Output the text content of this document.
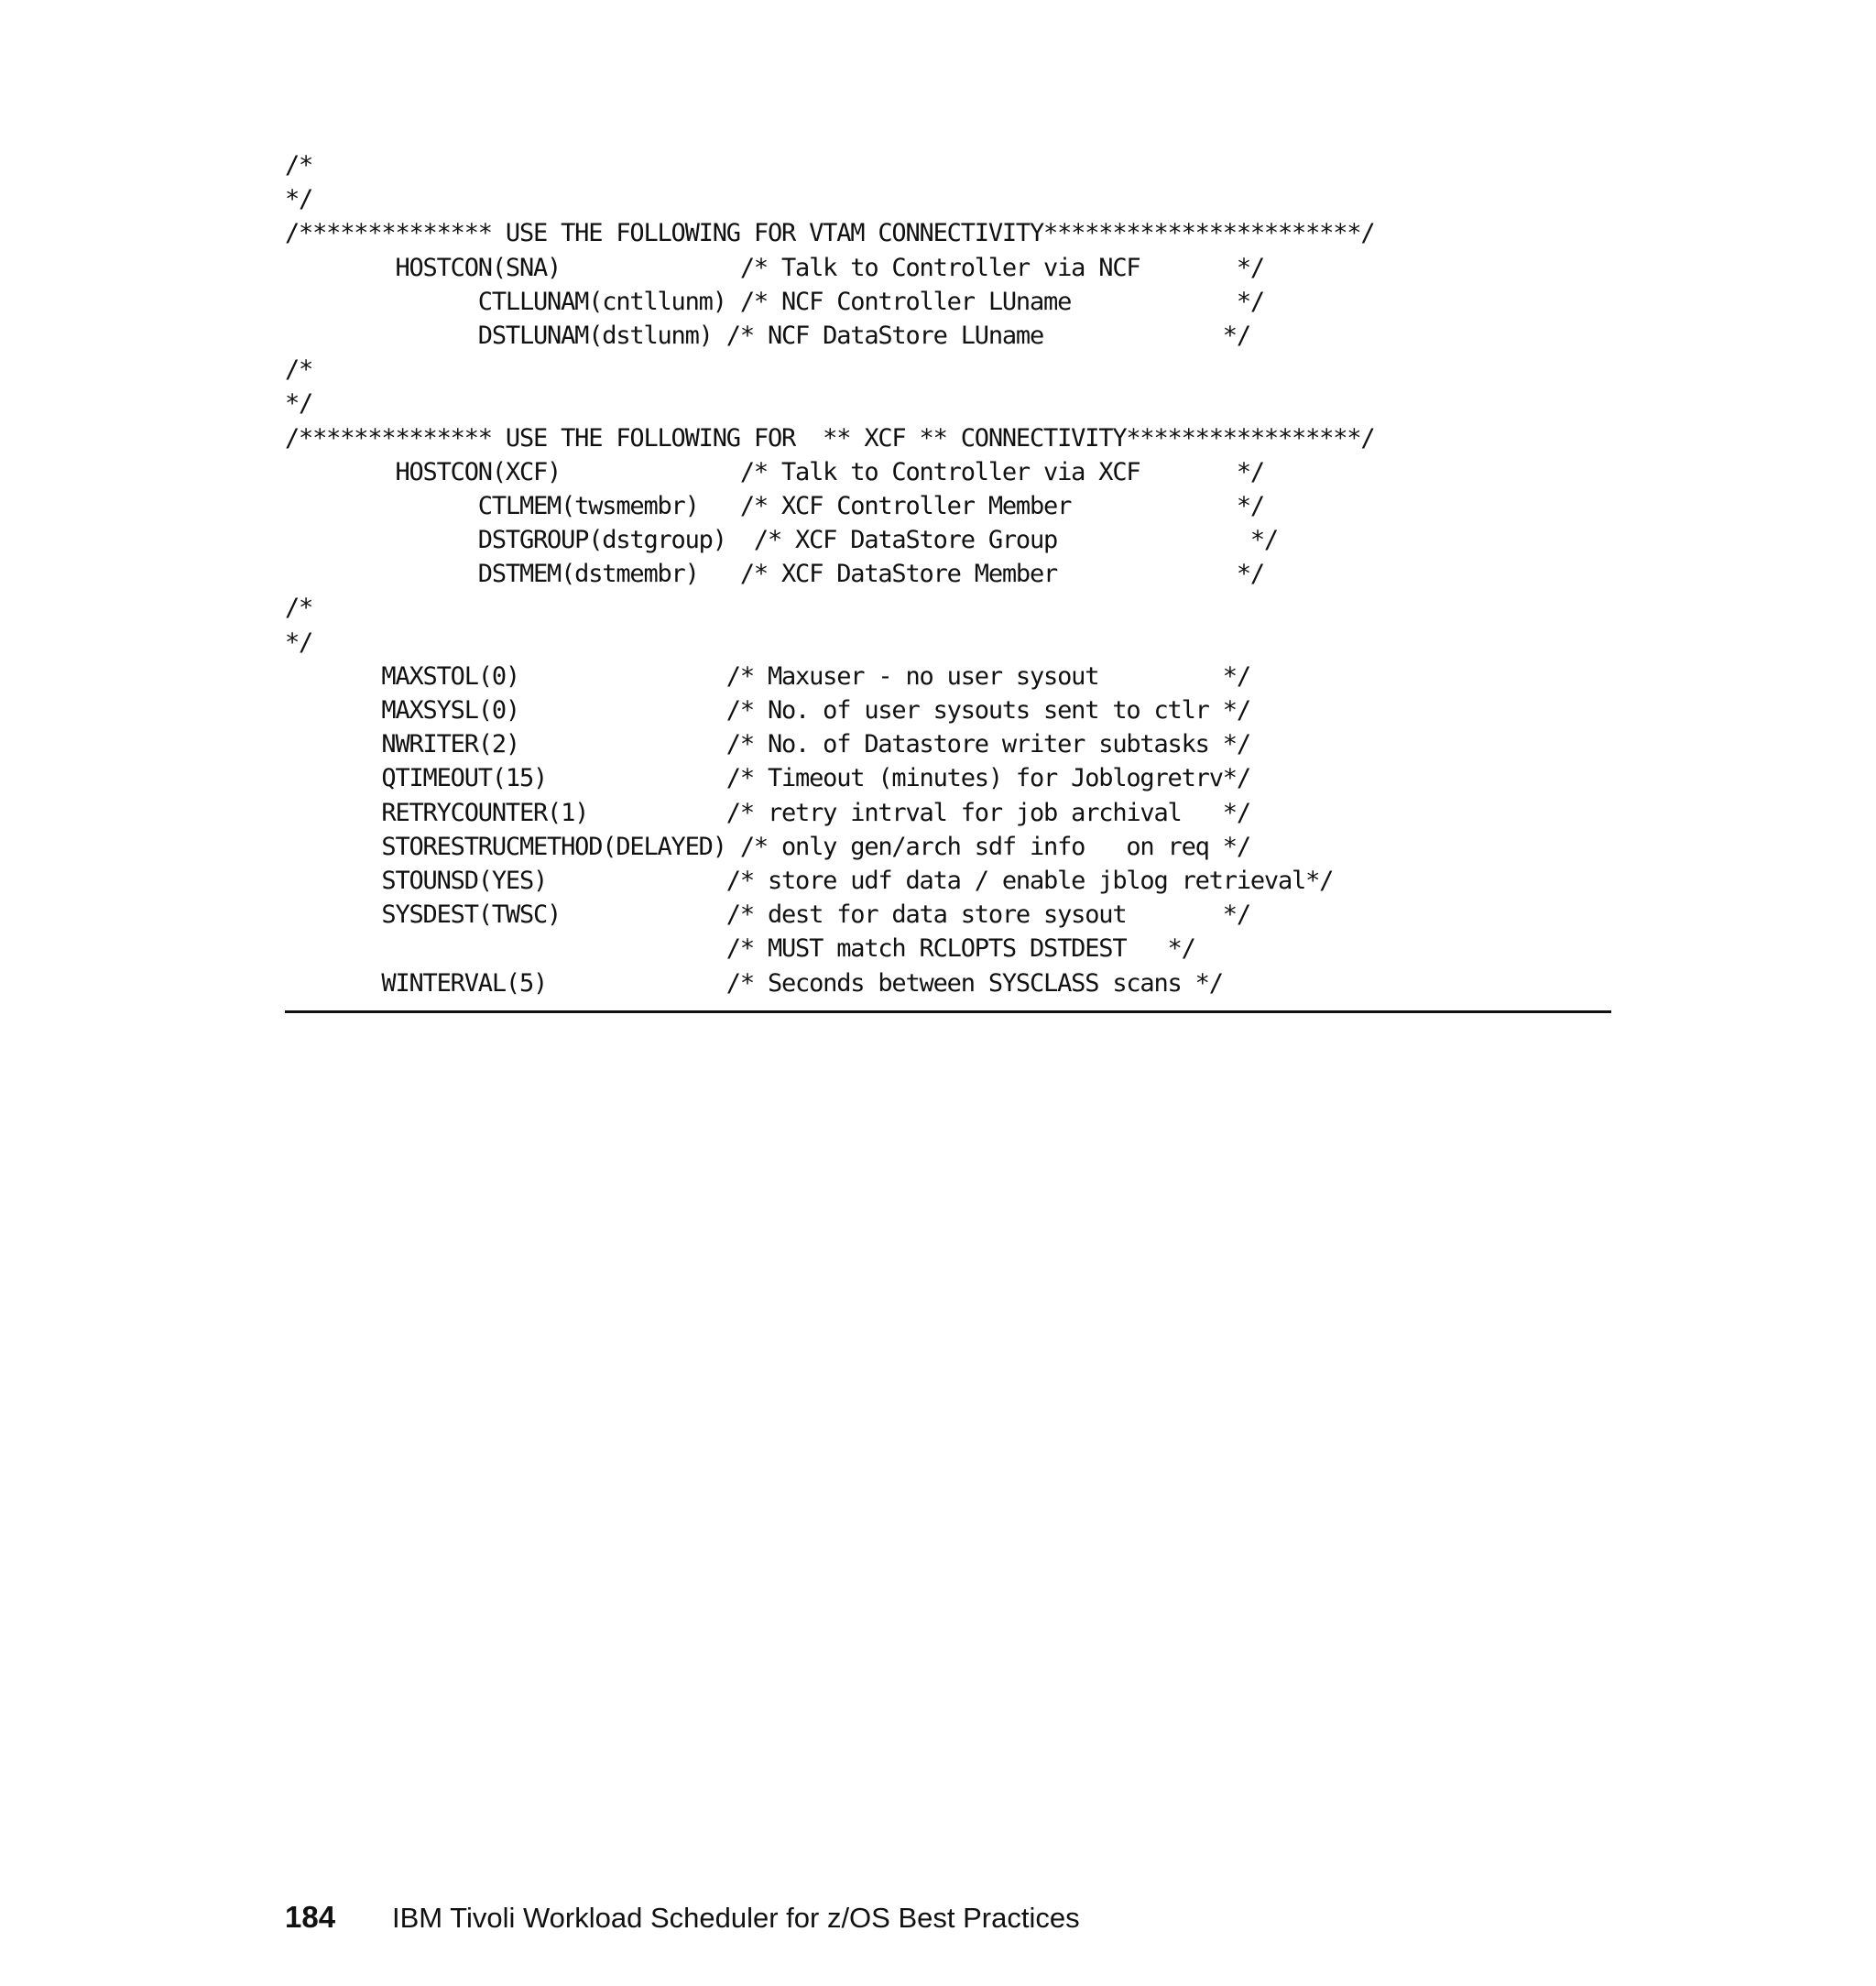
/*
*/
/************** USE THE FOLLOWING FOR VTAM CONNECTIVITY***********************/
HOSTCON(SNA)             /* Talk to Controller via NCF       */
CTLLUNAM(cntllunm) /* NCF Controller LUname            */
DSTLUNAM(dstlunm) /* NCF DataStore LUname             */
/*
*/
/************** USE THE FOLLOWING FOR  ** XCF ** CONNECTIVITY*****************/
HOSTCON(XCF)             /* Talk to Controller via XCF       */
CTLMEM(twsmembr)   /* XCF Controller Member            */
DSTGROUP(dstgroup)  /* XCF DataStore Group              */
DSTMEM(dstmembr)   /* XCF DataStore Member             */
/*
*/
MAXSTOL(0)               /* Maxuser - no user sysout         */
MAXSYSL(0)               /* No. of user sysouts sent to ctlr */
NWRITER(2)               /* No. of Datastore writer subtasks */
QTIMEOUT(15)             /* Timeout (minutes) for Joblogretrv*/
RETRYCOUNTER(1)          /* retry intrval for job archival   */
STORESTRUCMETHOD(DELAYED) /* only gen/arch sdf info   on req */
STOUNSD(YES)             /* store udf data / enable jblog retrieval*/
SYSDEST(TWSC)            /* dest for data store sysout       */
/* MUST match RCLOPTS DSTDEST   */
WINTERVAL(5)             /* Seconds between SYSCLASS scans */
184	IBM Tivoli Workload Scheduler for z/OS Best Practices
